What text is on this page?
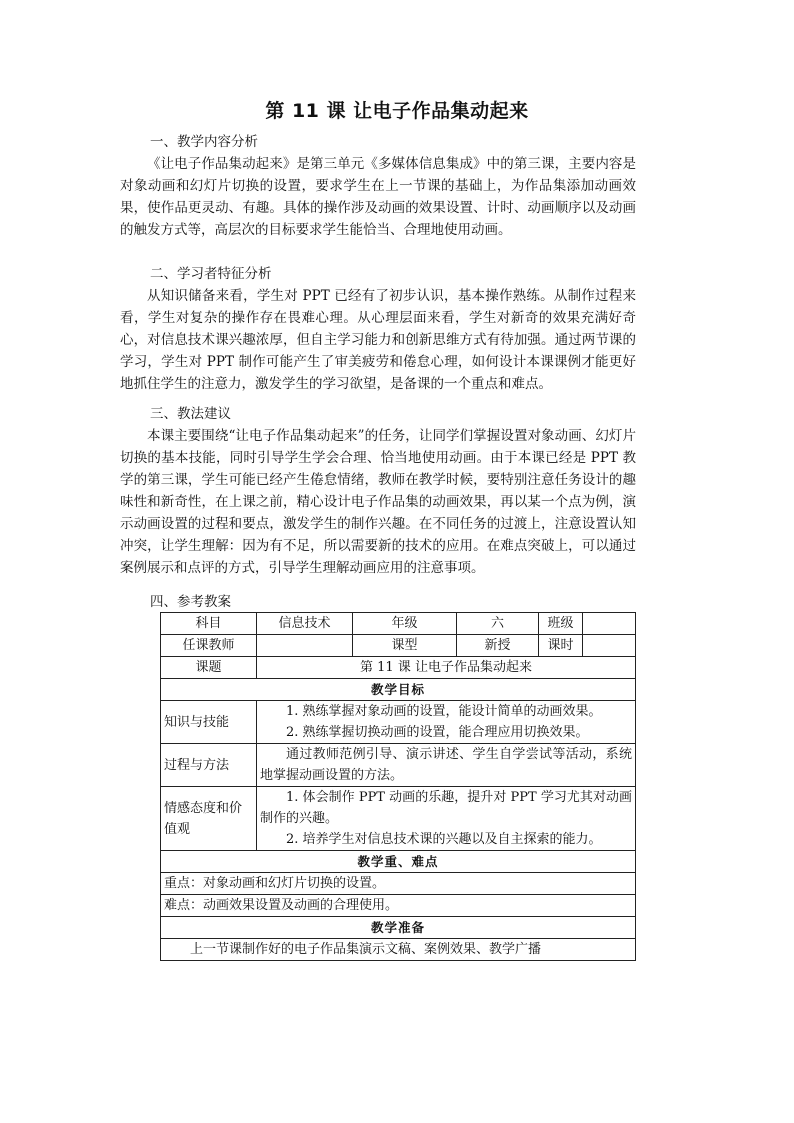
第 11 课 让电子作品集动起来
一、教学内容分析
《让电子作品集动起来》是第三单元《多媒体信息集成》中的第三课，主要内容是对象动画和幻灯片切换的设置，要求学生在上一节课的基础上，为作品集添加动画效果，使作品更灵动、有趣。具体的操作涉及动画的效果设置、计时、动画顺序以及动画的触发方式等，高层次的目标要求学生能恰当、合理地使用动画。
二、学习者特征分析
从知识储备来看，学生对 PPT 已经有了初步认识，基本操作熟练。从制作过程来看，学生对复杂的操作存在畏难心理。从心理层面来看，学生对新奇的效果充满好奇心，对信息技术课兴趣浓厚，但自主学习能力和创新思维方式有待加强。通过两节课的学习，学生对 PPT 制作可能产生了审美疲劳和倦怠心理，如何设计本课课例才能更好地抓住学生的注意力，激发学生的学习欲望，是备课的一个重点和难点。
三、教法建议
本课主要围绕“让电子作品集动起来”的任务，让同学们掌握设置对象动画、幻灯片切换的基本技能，同时引导学生学会合理、恰当地使用动画。由于本课已经是 PPT 教学的第三课，学生可能已经产生倦怠情绪，教师在教学时候，要特别注意任务设计的趣味性和新奇性，在上课之前，精心设计电子作品集的动画效果，再以某一个点为例，演示动画设置的过程和要点，激发学生的制作兴趣。在不同任务的过渡上，注意设置认知冲突，让学生理解：因为有不足，所以需要新的技术的应用。在难点突破上，可以通过案例展示和点评的方式，引导学生理解动画应用的注意事项。
四、参考教案
科目	信息技术	年级	六	班级	
任课教师		课型	新授	课时	
课题	第 11 课 让电子作品集动起来				
教学目标					
知识与技能	1. 熟练掌握对象动画的设置，能设计简单的动画效果。

2. 熟练掌握切换动画的设置，能合理应用切换效果。				

过程与方法	通过教师范例引导、演示讲述、学生自学尝试等活动，系统地掌握动画设置的方法。				

情感态度和价值观	1. 体会制作 PPT 动画的乐趣，提升对 PPT 学习尤其对动画制作的兴趣。

2. 培养学生对信息技术课的兴趣以及自主探索的能力。				

教学重、难点					
重点：对象动画和幻灯片切换的设置。					
难点：动画效果设置及动画的合理使用。					
教学准备					
上一节课制作好的电子作品集演示文稿、案例效果、教学广播					
